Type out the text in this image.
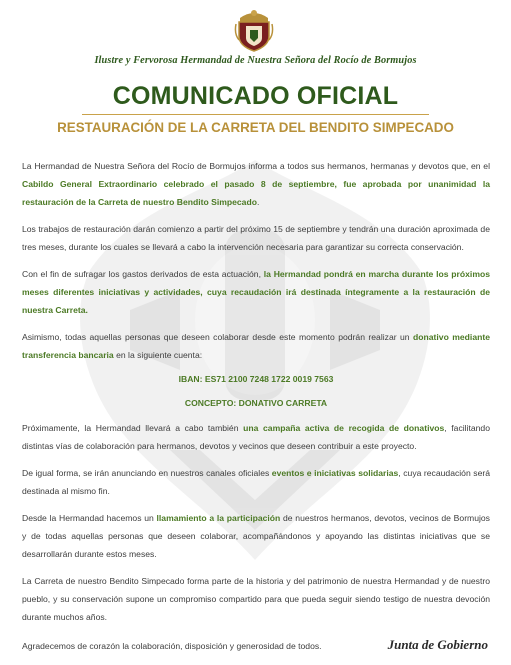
Ilustre y Fervorosa Hermandad de Nuestra Señora del Rocío de Bormujos
COMUNICADO OFICIAL
RESTAURACIÓN DE LA CARRETA DEL BENDITO SIMPECADO

La Hermandad de Nuestra Señora del Rocío de Bormujos informa a todos sus hermanos, hermanas y devotos que, en el Cabildo General Extraordinario celebrado el pasado 8 de septiembre, fue aprobada por unanimidad la restauración de la Carreta de nuestro Bendito Simpecado.

Los trabajos de restauración darán comienzo a partir del próximo 15 de septiembre y tendrán una duración aproximada de tres meses, durante los cuales se llevará a cabo la intervención necesaria para garantizar su correcta conservación.

Con el fin de sufragar los gastos derivados de esta actuación, la Hermandad pondrá en marcha durante los próximos meses diferentes iniciativas y actividades, cuya recaudación irá destinada íntegramente a la restauración de nuestra Carreta.

Asimismo, todas aquellas personas que deseen colaborar desde este momento podrán realizar un donativo mediante transferencia bancaria en la siguiente cuenta:

IBAN: ES71 2100 7248 1722 0019 7563

CONCEPTO: DONATIVO CARRETA

Próximamente, la Hermandad llevará a cabo también una campaña activa de recogida de donativos, facilitando distintas vías de colaboración para hermanos, devotos y vecinos que deseen contribuir a este proyecto.

De igual forma, se irán anunciando en nuestros canales oficiales eventos e iniciativas solidarias, cuya recaudación será destinada al mismo fin.

Desde la Hermandad hacemos un llamamiento a la participación de nuestros hermanos, devotos, vecinos de Bormujos y de todas aquellas personas que deseen colaborar, acompañándonos y apoyando las distintas iniciativas que se desarrollarán durante estos meses.

La Carreta de nuestro Bendito Simpecado forma parte de la historia y del patrimonio de nuestra Hermandad y de nuestro pueblo, y su conservación supone un compromiso compartido para que pueda seguir siendo testigo de nuestra devoción durante muchos años.

Agradecemos de corazón la colaboración, disposición y generosidad de todos.	Junta de Gobierno
